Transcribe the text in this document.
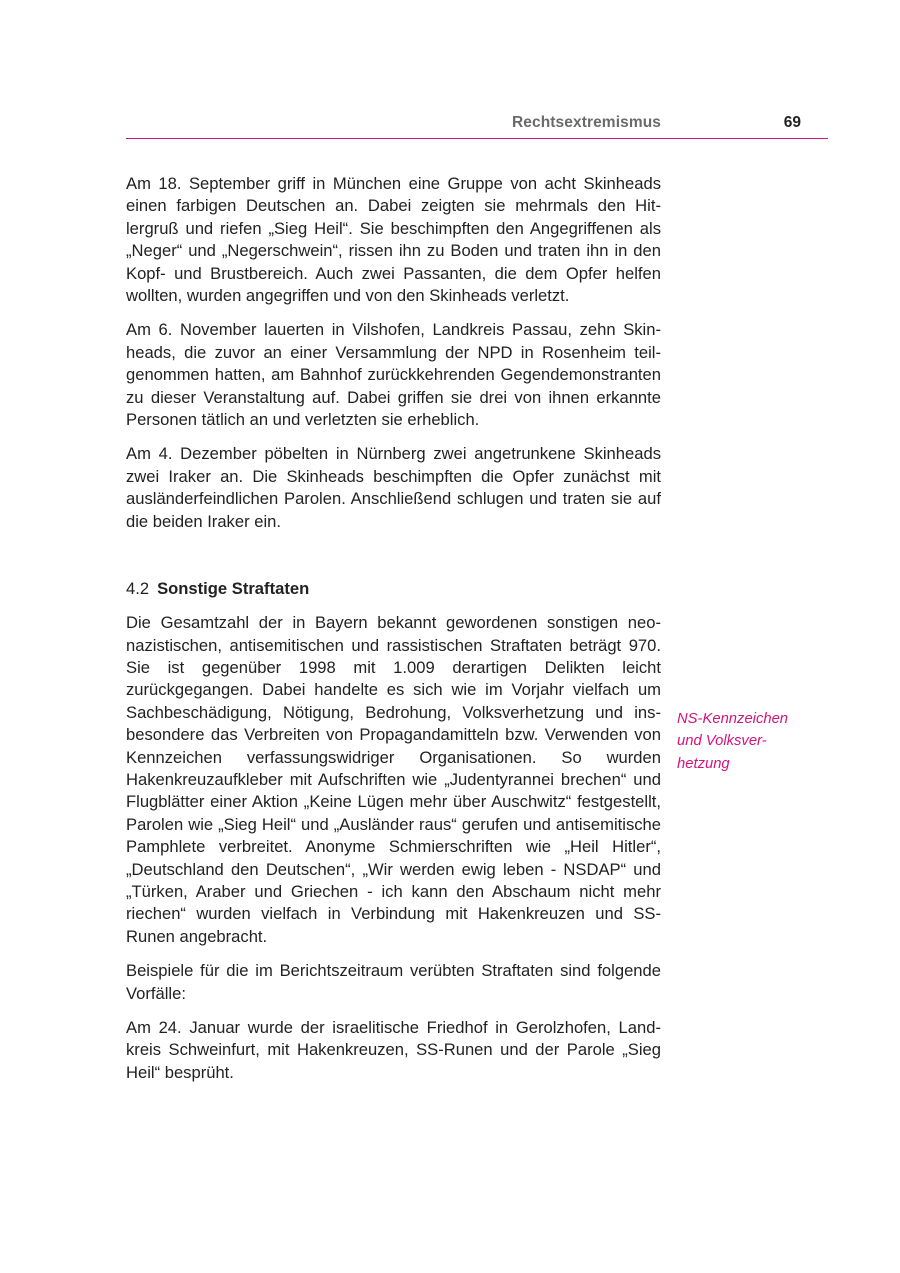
Rechtsextremismus	69

Am 18. September griff in München eine Gruppe von acht Skinheads einen farbigen Deutschen an. Dabei zeigten sie mehrmals den Hitlergruß und riefen „Sieg Heil“. Sie beschimpften den Angegriffenen als „Neger“ und „Negerschwein“, rissen ihn zu Boden und traten ihn in den Kopf- und Brustbereich. Auch zwei Passanten, die dem Opfer helfen wollten, wurden angegriffen und von den Skinheads verletzt.

Am 6. November lauerten in Vilshofen, Landkreis Passau, zehn Skinheads, die zuvor an einer Versammlung der NPD in Rosenheim teilgenommen hatten, am Bahnhof zurückkehrenden Gegendemonstranten zu dieser Veranstaltung auf. Dabei griffen sie drei von ihnen erkannte Personen tätlich an und verletzten sie erheblich.

Am 4. Dezember pöbelten in Nürnberg zwei angetrunkene Skinheads zwei Iraker an. Die Skinheads beschimpften die Opfer zunächst mit ausländerfeindlichen Parolen. Anschließend schlugen und traten sie auf die beiden Iraker ein.

4.2 Sonstige Straftaten

Die Gesamtzahl der in Bayern bekannt gewordenen sonstigen neonazistischen, antisemitischen und rassistischen Straftaten beträgt 970. Sie ist gegenüber 1998 mit 1.009 derartigen Delikten leicht zurückgegangen. Dabei handelte es sich wie im Vorjahr vielfach um Sachbeschädigung, Nötigung, Bedrohung, Volksverhetzung und insbesondere das Verbreiten von Propagandamitteln bzw. Verwenden von Kennzeichen verfassungswidriger Organisationen. So wurden Hakenkreuzaufkleber mit Aufschriften wie „Judentyrannei brechen“ und Flugblätter einer Aktion „Keine Lügen mehr über Auschwitz“ festgestellt, Parolen wie „Sieg Heil“ und „Ausländer raus“ gerufen und antisemitische Pamphlete verbreitet. Anonyme Schmierschriften wie „Heil Hitler“, „Deutschland den Deutschen“, „Wir werden ewig leben - NSDAP“ und „Türken, Araber und Griechen - ich kann den Abschaum nicht mehr riechen“ wurden vielfach in Verbindung mit Hakenkreuzen und SS-Runen angebracht.

Beispiele für die im Berichtszeitraum verübten Straftaten sind folgende Vorfälle:

Am 24. Januar wurde der israelitische Friedhof in Gerolzhofen, Landkreis Schweinfurt, mit Hakenkreuzen, SS-Runen und der Parole „Sieg Heil“ besprüht.

NS-Kennzeichen
und Volksver-
hetzung
